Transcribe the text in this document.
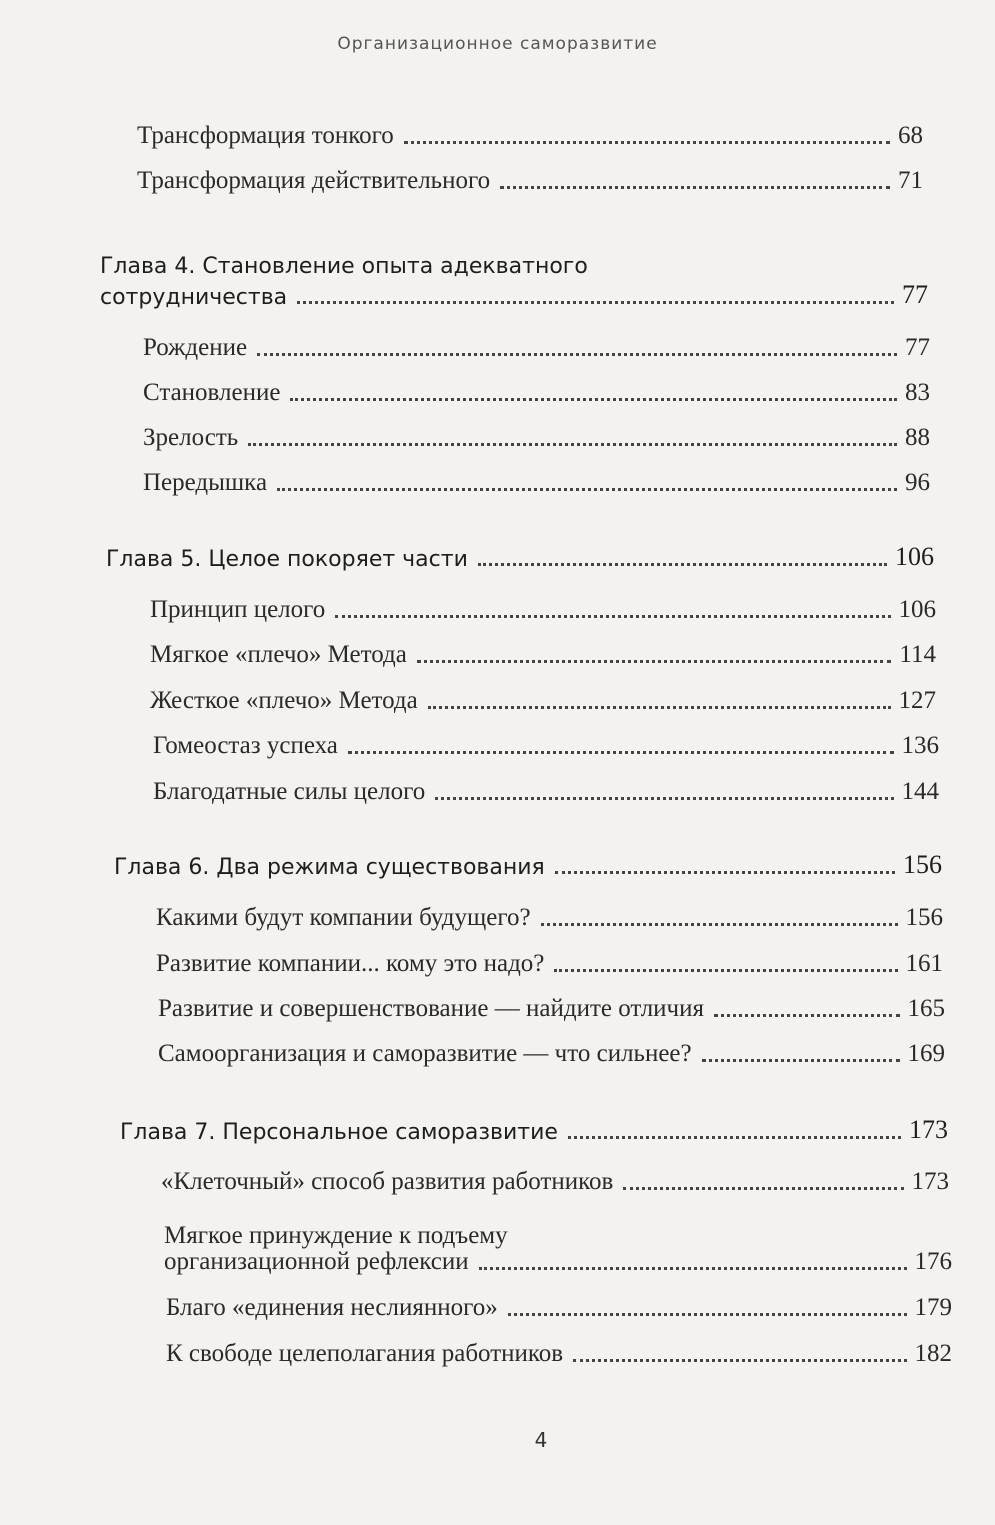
Организационное саморазвитие
Трансформация тонкого	68
Трансформация действительного	71
Глава 4. Становление опыта адекватного
сотрудничества	77
Рождение	77
Становление	83
Зрелость	88
Передышка	96
Глава 5. Целое покоряет части	106
Принцип целого	106
Мягкое «плечо» Метода	114
Жесткое «плечо» Метода	127
Гомеостаз успеха	136
Благодатные силы целого	144
Глава 6. Два режима существования	156
Какими будут компании будущего?	156
Развитие компании... кому это надо?	161
Развитие и совершенствование — найдите отличия	165
Самоорганизация и саморазвитие — что сильнее?	169
Глава 7. Персональное саморазвитие	173
«Клеточный» способ развития работников	173
Мягкое принуждение к подъему
организационной рефлексии	176
Благо «единения неслиянного»	179
К свободе целеполагания работников	182
4
